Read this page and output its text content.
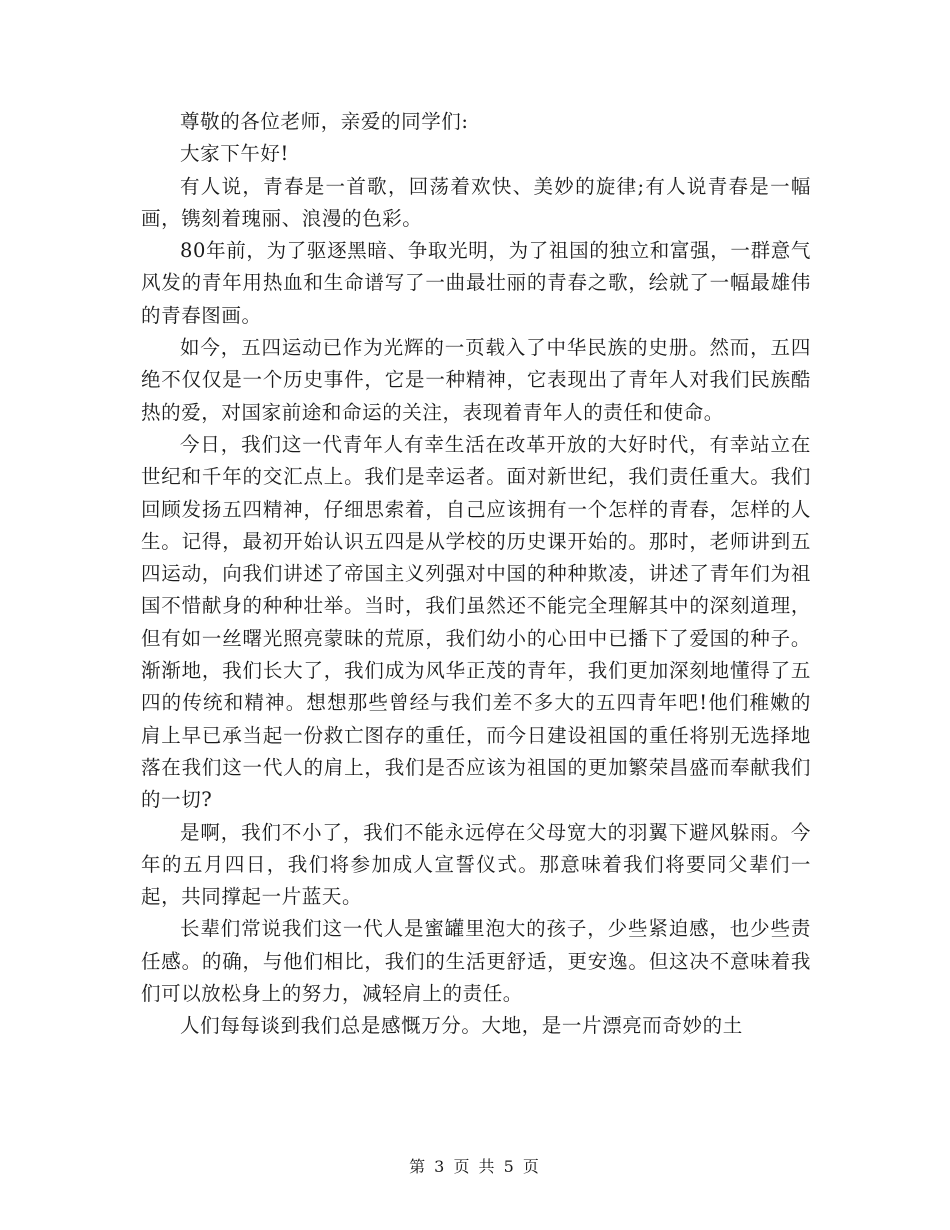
尊敬的各位老师，亲爱的同学们:

大家下午好!

有人说，青春是一首歌，回荡着欢快、美妙的旋律;有人说青春是一幅画，镌刻着瑰丽、浪漫的色彩。

80年前，为了驱逐黑暗、争取光明，为了祖国的独立和富强，一群意气风发的青年用热血和生命谱写了一曲最壮丽的青春之歌，绘就了一幅最雄伟的青春图画。

如今，五四运动已作为光辉的一页载入了中华民族的史册。然而，五四绝不仅仅是一个历史事件，它是一种精神，它表现出了青年人对我们民族酷热的爱，对国家前途和命运的关注，表现着青年人的责任和使命。

今日，我们这一代青年人有幸生活在改革开放的大好时代，有幸站立在世纪和千年的交汇点上。我们是幸运者。面对新世纪，我们责任重大。我们回顾发扬五四精神，仔细思索着，自己应该拥有一个怎样的青春，怎样的人生。记得，最初开始认识五四是从学校的历史课开始的。那时，老师讲到五四运动，向我们讲述了帝国主义列强对中国的种种欺凌，讲述了青年们为祖国不惜献身的种种壮举。当时，我们虽然还不能完全理解其中的深刻道理，但有如一丝曙光照亮蒙昧的荒原，我们幼小的心田中已播下了爱国的种子。渐渐地，我们长大了，我们成为风华正茂的青年，我们更加深刻地懂得了五四的传统和精神。想想那些曾经与我们差不多大的五四青年吧!他们稚嫩的肩上早已承当起一份救亡图存的重任，而今日建设祖国的重任将别无选择地落在我们这一代人的肩上，我们是否应该为祖国的更加繁荣昌盛而奉献我们的一切?

是啊，我们不小了，我们不能永远停在父母宽大的羽翼下避风躲雨。今年的五月四日，我们将参加成人宣誓仪式。那意味着我们将要同父辈们一起，共同撑起一片蓝天。

长辈们常说我们这一代人是蜜罐里泡大的孩子，少些紧迫感，也少些责任感。的确，与他们相比，我们的生活更舒适，更安逸。但这决不意味着我们可以放松身上的努力，减轻肩上的责任。

人们每每谈到我们总是感慨万分。大地，是一片漂亮而奇妙的土

第 3 页 共 5 页
